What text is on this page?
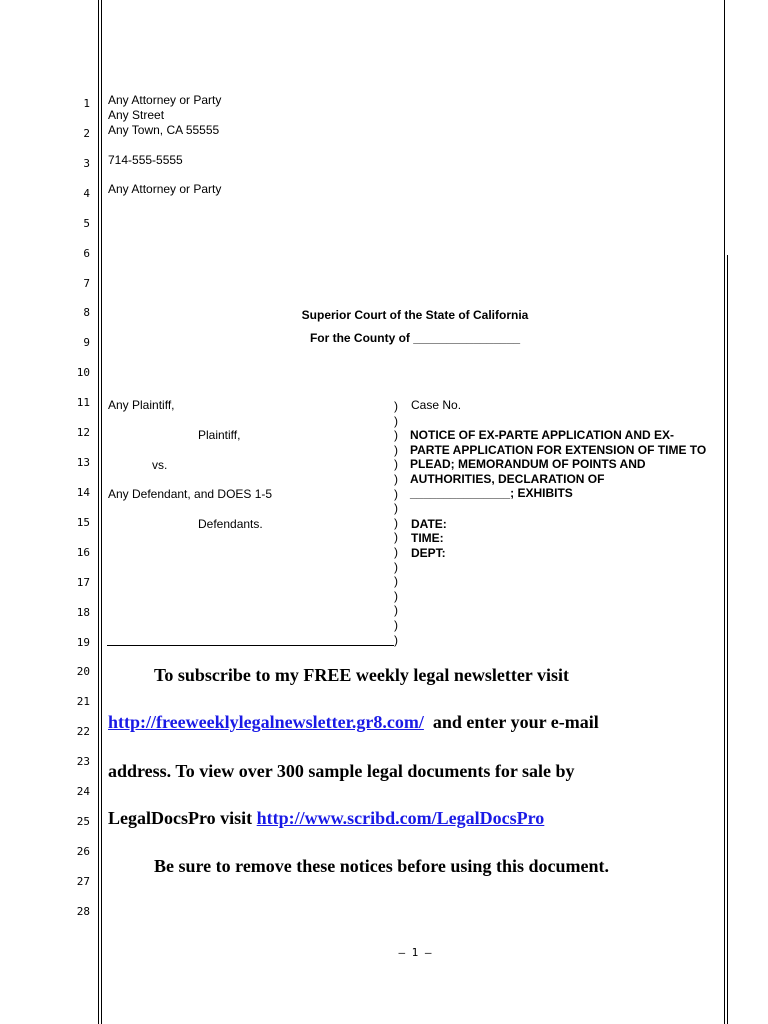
1
2
3
4
5
6
7
8
9
10
11
12
13
14
15
16
17
18
19
20
21
22
23
24
25
26
27
28
Any Attorney or Party
Any Street
Any Town, CA 55555
714-555-5555
Any Attorney or Party
Superior Court of the State of California
For the County of ________________
Any Plaintiff,
Plaintiff,
vs.
Any Defendant, and DOES 1-5
Defendants.
)
)
)
)
)
)
)
)
)
)
)
)
)
)
)
)
)
Case No.
NOTICE OF EX-PARTE APPLICATION AND EX-PARTE APPLICATION FOR EXTENSION OF TIME TO PLEAD; MEMORANDUM OF POINTS AND AUTHORITIES, DECLARATION OF _______________; EXHIBITS
DATE:
TIME:
DEPT:
To subscribe to my FREE weekly legal newsletter visit
http://freeweeklylegalnewsletter.gr8.com/ and enter your e-mail
address. To view over 300 sample legal documents for sale by
LegalDocsPro visit http://www.scribd.com/LegalDocsPro
Be sure to remove these notices before using this document.
– 1 –
